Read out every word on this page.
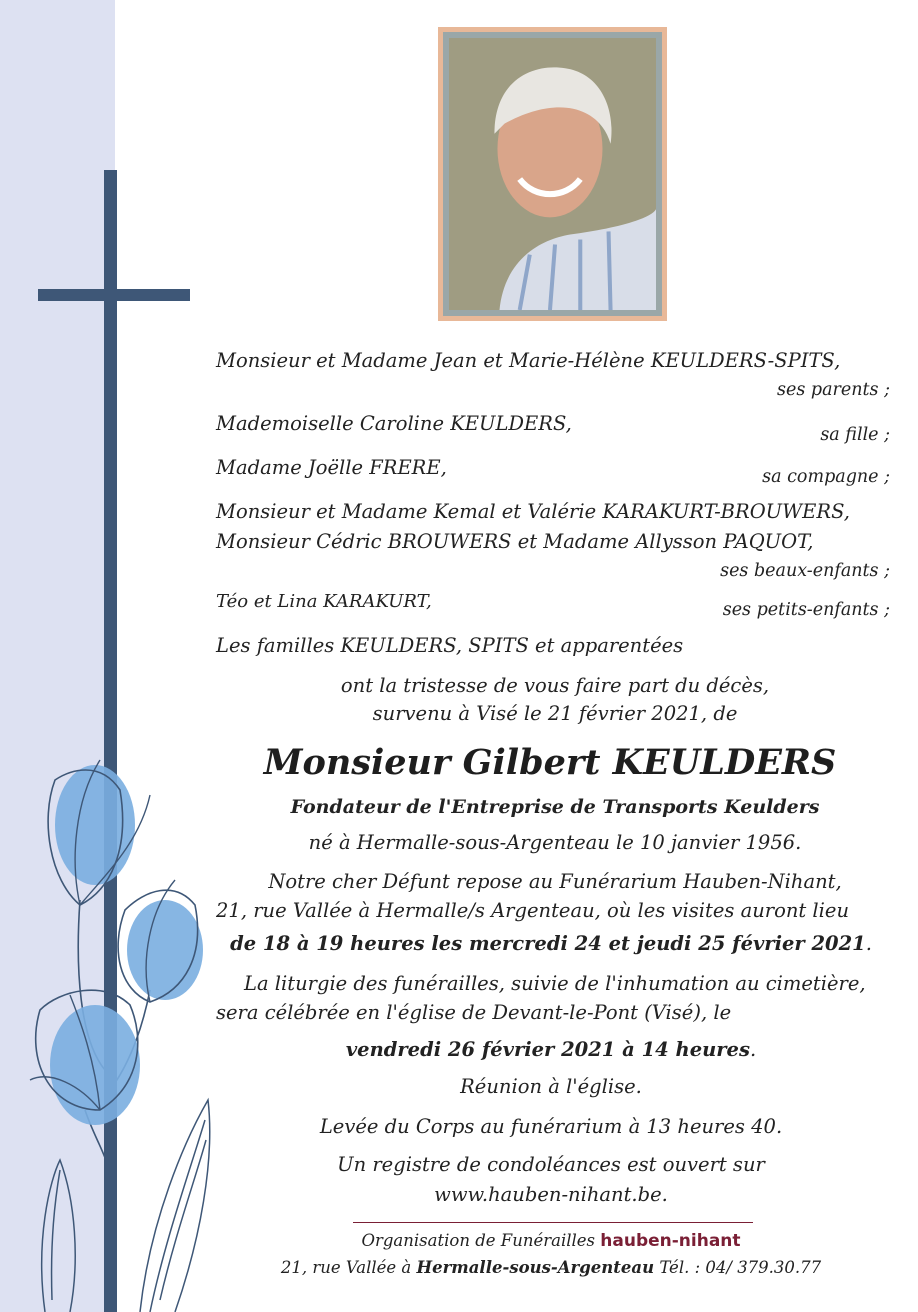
Monsieur et Madame Jean et Marie-Hélène KEULDERS-SPITS,
ses parents ;
Mademoiselle Caroline KEULDERS,	sa fille ;
Madame Joëlle FRERE,	sa compagne ;
Monsieur et Madame Kemal et Valérie KARAKURT-BROUWERS,
Monsieur Cédric BROUWERS et Madame Allysson PAQUOT,
ses beaux-enfants ;
Téo et Lina KARAKURT,	ses petits-enfants ;
Les familles KEULDERS, SPITS et apparentées
ont la tristesse de vous faire part du décès,
survenu à Visé le 21 février 2021, de
Monsieur Gilbert KEULDERS
Fondateur de l'Entreprise de Transports Keulders
né à Hermalle-sous-Argenteau le 10 janvier 1956.
Notre cher Défunt repose au Funérarium Hauben-Nihant,
21, rue Vallée à Hermalle/s Argenteau, où les visites auront lieu
de 18 à 19 heures les mercredi 24 et jeudi 25 février 2021.
La liturgie des funérailles, suivie de l'inhumation au cimetière,
sera célébrée en l'église de Devant-le-Pont (Visé), le
vendredi 26 février 2021 à 14 heures.
Réunion à l'église.
Levée du Corps au funérarium à 13 heures 40.
Un registre de condoléances est ouvert sur
www.hauben-nihant.be.
Organisation de Funérailles hauben-nihant
21, rue Vallée à Hermalle-sous-Argenteau Tél. : 04/ 379.30.77
